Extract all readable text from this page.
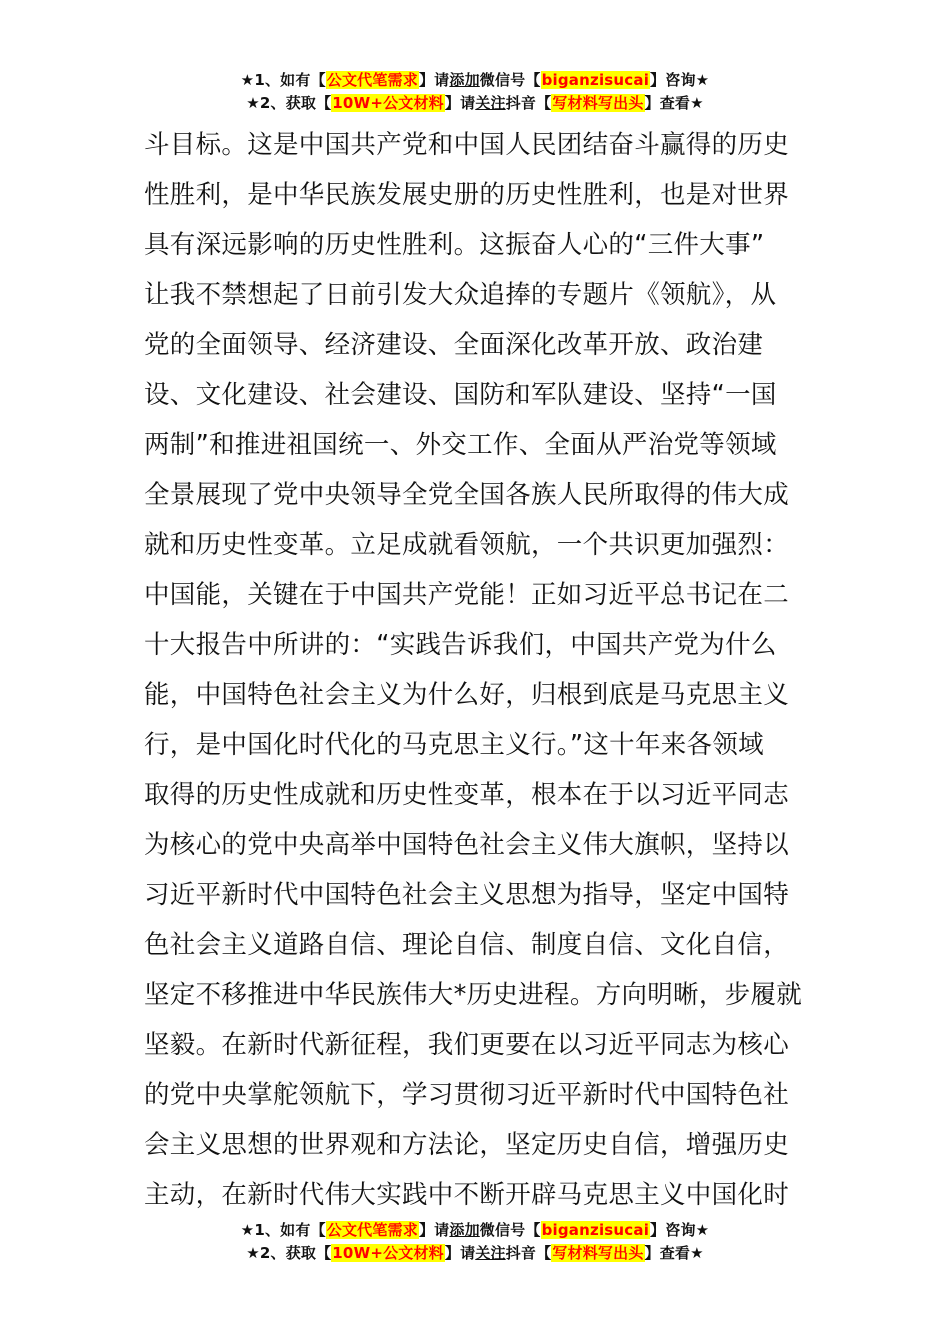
★1、如有【公文代笔需求】请添加微信号【biganzisucai】咨询★
★2、获取【10W+公文材料】请关注抖音【写材料写出头】查看★
斗目标。这是中国共产党和中国人民团结奋斗赢得的历史
性胜利，是中华民族发展史册的历史性胜利，也是对世界
具有深远影响的历史性胜利。这振奋人心的“三件大事”
让我不禁想起了日前引发大众追捧的专题片《领航》，从
党的全面领导、经济建设、全面深化改革开放、政治建
设、文化建设、社会建设、国防和军队建设、坚持“一国
两制”和推进祖国统一、外交工作、全面从严治党等领域
全景展现了党中央领导全党全国各族人民所取得的伟大成
就和历史性变革。立足成就看领航，一个共识更加强烈：
中国能，关键在于中国共产党能！正如习近平总书记在二
十大报告中所讲的：“实践告诉我们，中国共产党为什么
能，中国特色社会主义为什么好，归根到底是马克思主义
行，是中国化时代化的马克思主义行。”这十年来各领域
取得的历史性成就和历史性变革，根本在于以习近平同志
为核心的党中央高举中国特色社会主义伟大旗帜，坚持以
习近平新时代中国特色社会主义思想为指导，坚定中国特
色社会主义道路自信、理论自信、制度自信、文化自信，
坚定不移推进中华民族伟大*历史进程。方向明晰，步履就
坚毅。在新时代新征程，我们更要在以习近平同志为核心
的党中央掌舵领航下，学习贯彻习近平新时代中国特色社
会主义思想的世界观和方法论，坚定历史自信，增强历史
主动，在新时代伟大实践中不断开辟马克思主义中国化时
★1、如有【公文代笔需求】请添加微信号【biganzisucai】咨询★
★2、获取【10W+公文材料】请关注抖音【写材料写出头】查看★
